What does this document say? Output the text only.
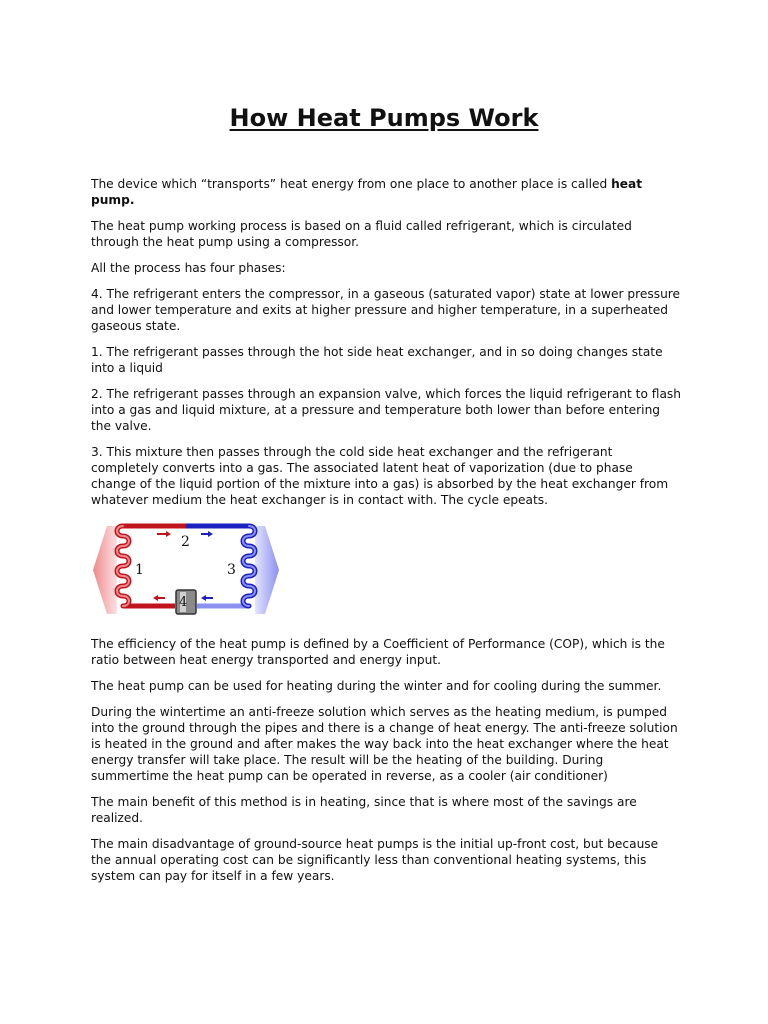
How Heat Pumps Work

The device which “transports” heat energy from one place to another place is called heat pump.

The heat pump working process is based on a fluid called refrigerant, which is circulated through the heat pump using a compressor.

All the process has four phases:

4. The refrigerant enters the compressor, in a gaseous (saturated vapor) state at lower pressure and lower temperature and exits at higher pressure and higher temperature, in a superheated gaseous state.

1. The refrigerant passes through the hot side heat exchanger, and in so doing changes state into a liquid

2. The refrigerant passes through an expansion valve, which forces the liquid refrigerant to flash into a gas and liquid mixture, at a pressure and temperature both lower than before entering the valve.

3. This mixture then passes through the cold side heat exchanger and the refrigerant completely converts into a gas. The associated latent heat of vaporization (due to phase change of the liquid portion of the mixture into a gas) is absorbed by the heat exchanger from whatever medium the heat exchanger is in contact with. The cycle epeats.

1
2
3
4

The efficiency of the heat pump is defined by a Coefficient of Performance (COP), which is the ratio between heat energy transported and energy input.

The heat pump can be used for heating during the winter and for cooling during the summer.

During the wintertime an anti-freeze solution which serves as the heating medium, is pumped into the ground through the pipes and there is a change of heat energy. The anti-freeze solution is heated in the ground and after makes the way back into the heat exchanger where the heat energy transfer will take place. The result will be the heating of the building. During summertime the heat pump can be operated in reverse, as a cooler (air conditioner)

The main benefit of this method is in heating, since that is where most of the savings are realized.

The main disadvantage of ground-source heat pumps is the initial up-front cost, but because the annual operating cost can be significantly less than conventional heating systems, this system can pay for itself in a few years.
